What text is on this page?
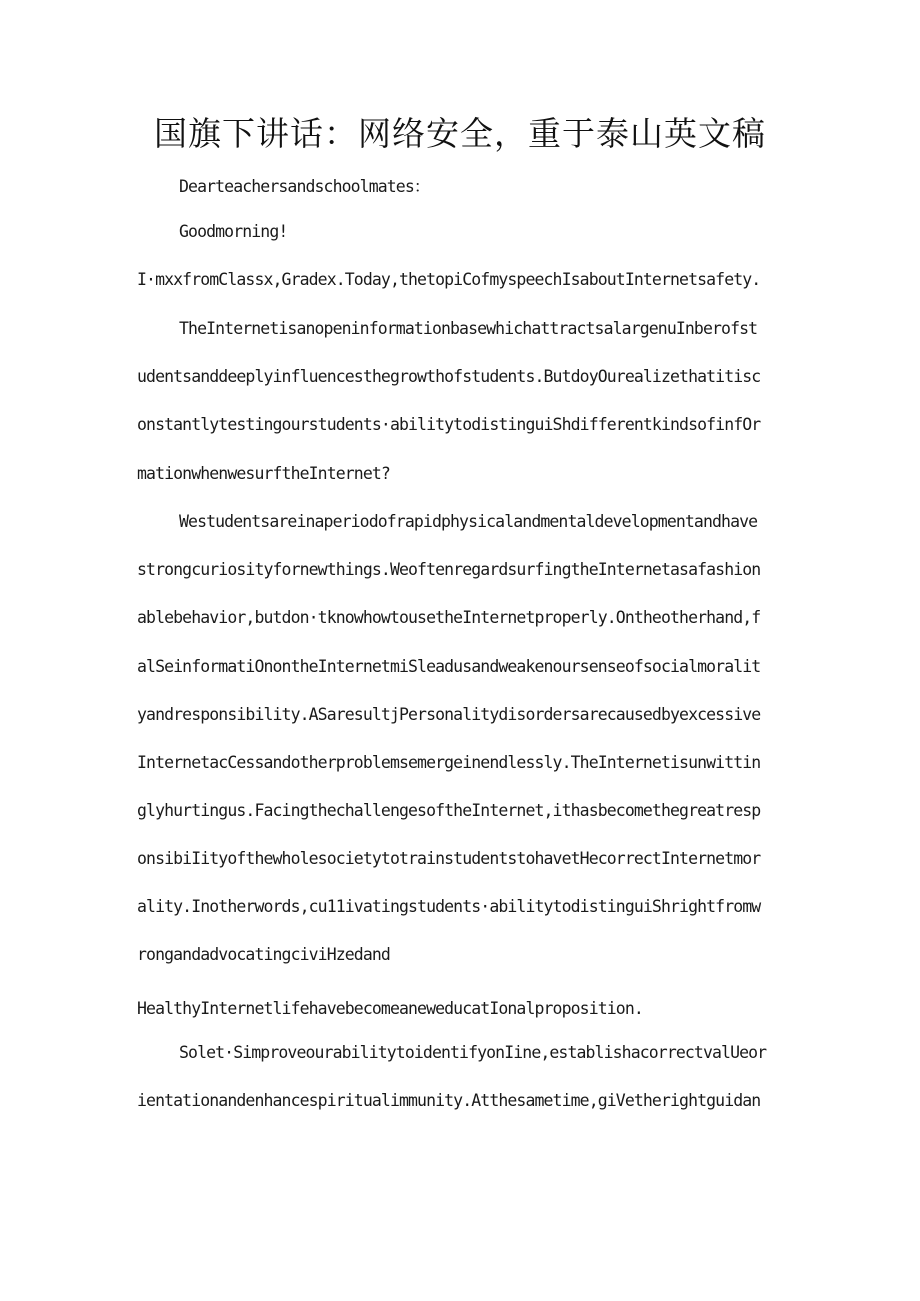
国旗下讲话：网络安全，重于泰山英文稿

Dearteachersandschoolmates：

Goodmorning!

I·mxxfromClassx,Gradex.Today,thetopiCofmyspeechIsaboutInternetsafety.

TheInternetisanopeninformationbasewhichattractsalargenuInberofst

udentsanddeeplyinfluencesthegrowthofstudents.ButdoyOurealizethatitisc

onstantlytestingourstudents·abilitytodistinguiShdifferentkindsofinfOr

mationwhenwesurftheInternet?

Westudentsareinaperiodofrapidphysicalandmentaldevelopmentandhave

strongcuriosityfornewthings.WeoftenregardsurfingtheInternetasafashion

ablebehavior,butdon·tknowhowtousetheInternetproperly.Ontheotherhand,f

alSeinformatiOnontheInternetmiSleadusandweakenoursenseofsocialmoralit

yandresponsibility.ASaresultjPersonalitydisordersarecausedbyexcessive

InternetacCessandotherproblemsemergeinendlessly.TheInternetisunwittin

glyhurtingus.FacingthechallengesoftheInternet,ithasbecomethegreatresp

onsibiIityofthewholesocietytotrainstudentstohavetHecorrectInternetmor

ality.Inotherwords,cu11ivatingstudents·abilitytodistinguiShrightfromw

rongandadvocatingciviHzedand

HealthyInternetlifehavebecomeaneweducatIonalproposition.

Solet·SimproveourabilitytoidentifyonIine,establishacorrectvalUeor

ientationandenhancespiritualimmunity.Atthesametime,giVetherightguidan
